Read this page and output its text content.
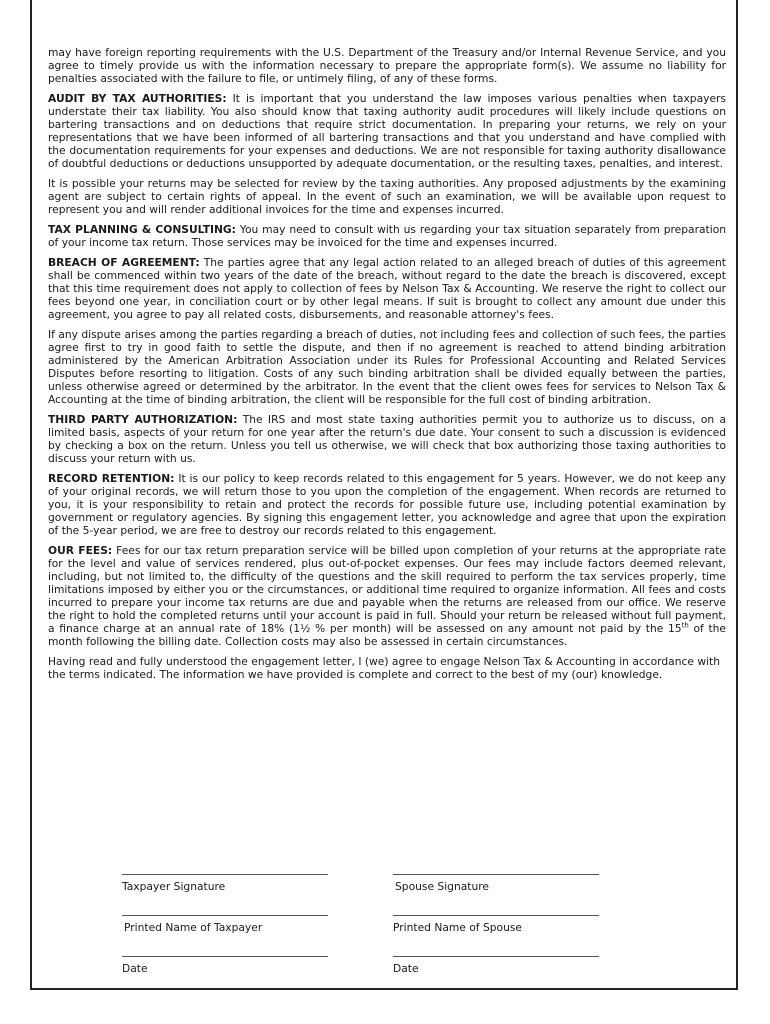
may have foreign reporting requirements with the U.S. Department of the Treasury and/or Internal Revenue Service, and you agree to timely provide us with the information necessary to prepare the appropriate form(s). We assume no liability for penalties associated with the failure to file, or untimely filing, of any of these forms.

AUDIT BY TAX AUTHORITIES: It is important that you understand the law imposes various penalties when taxpayers understate their tax liability. You also should know that taxing authority audit procedures will likely include questions on bartering transactions and on deductions that require strict documentation. In preparing your returns, we rely on your representations that we have been informed of all bartering transactions and that you understand and have complied with the documentation requirements for your expenses and deductions. We are not responsible for taxing authority disallowance of doubtful deductions or deductions unsupported by adequate documentation, or the resulting taxes, penalties, and interest.

It is possible your returns may be selected for review by the taxing authorities. Any proposed adjustments by the examining agent are subject to certain rights of appeal. In the event of such an examination, we will be available upon request to represent you and will render additional invoices for the time and expenses incurred.

TAX PLANNING & CONSULTING: You may need to consult with us regarding your tax situation separately from preparation of your income tax return. Those services may be invoiced for the time and expenses incurred.

BREACH OF AGREEMENT: The parties agree that any legal action related to an alleged breach of duties of this agreement shall be commenced within two years of the date of the breach, without regard to the date the breach is discovered, except that this time requirement does not apply to collection of fees by Nelson Tax & Accounting. We reserve the right to collect our fees beyond one year, in conciliation court or by other legal means. If suit is brought to collect any amount due under this agreement, you agree to pay all related costs, disbursements, and reasonable attorney's fees.

If any dispute arises among the parties regarding a breach of duties, not including fees and collection of such fees, the parties agree first to try in good faith to settle the dispute, and then if no agreement is reached to attend binding arbitration administered by the American Arbitration Association under its Rules for Professional Accounting and Related Services Disputes before resorting to litigation. Costs of any such binding arbitration shall be divided equally between the parties, unless otherwise agreed or determined by the arbitrator. In the event that the client owes fees for services to Nelson Tax & Accounting at the time of binding arbitration, the client will be responsible for the full cost of binding arbitration.

THIRD PARTY AUTHORIZATION: The IRS and most state taxing authorities permit you to authorize us to discuss, on a limited basis, aspects of your return for one year after the return's due date. Your consent to such a discussion is evidenced by checking a box on the return. Unless you tell us otherwise, we will check that box authorizing those taxing authorities to discuss your return with us.

RECORD RETENTION: It is our policy to keep records related to this engagement for 5 years. However, we do not keep any of your original records, we will return those to you upon the completion of the engagement. When records are returned to you, it is your responsibility to retain and protect the records for possible future use, including potential examination by government or regulatory agencies. By signing this engagement letter, you acknowledge and agree that upon the expiration of the 5-year period, we are free to destroy our records related to this engagement.

OUR FEES: Fees for our tax return preparation service will be billed upon completion of your returns at the appropriate rate for the level and value of services rendered, plus out-of-pocket expenses. Our fees may include factors deemed relevant, including, but not limited to, the difficulty of the questions and the skill required to perform the tax services properly, time limitations imposed by either you or the circumstances, or additional time required to organize information. All fees and costs incurred to prepare your income tax returns are due and payable when the returns are released from our office. We reserve the right to hold the completed returns until your account is paid in full. Should your return be released without full payment, a finance charge at an annual rate of 18% (1½ % per month) will be assessed on any amount not paid by the 15th of the month following the billing date. Collection costs may also be assessed in certain circumstances.

Having read and fully understood the engagement letter, I (we) agree to engage Nelson Tax & Accounting in accordance with the terms indicated. The information we have provided is complete and correct to the best of my (our) knowledge.

Taxpayer Signature	Spouse Signature
Printed Name of Taxpayer	Printed Name of Spouse
Date	Date
